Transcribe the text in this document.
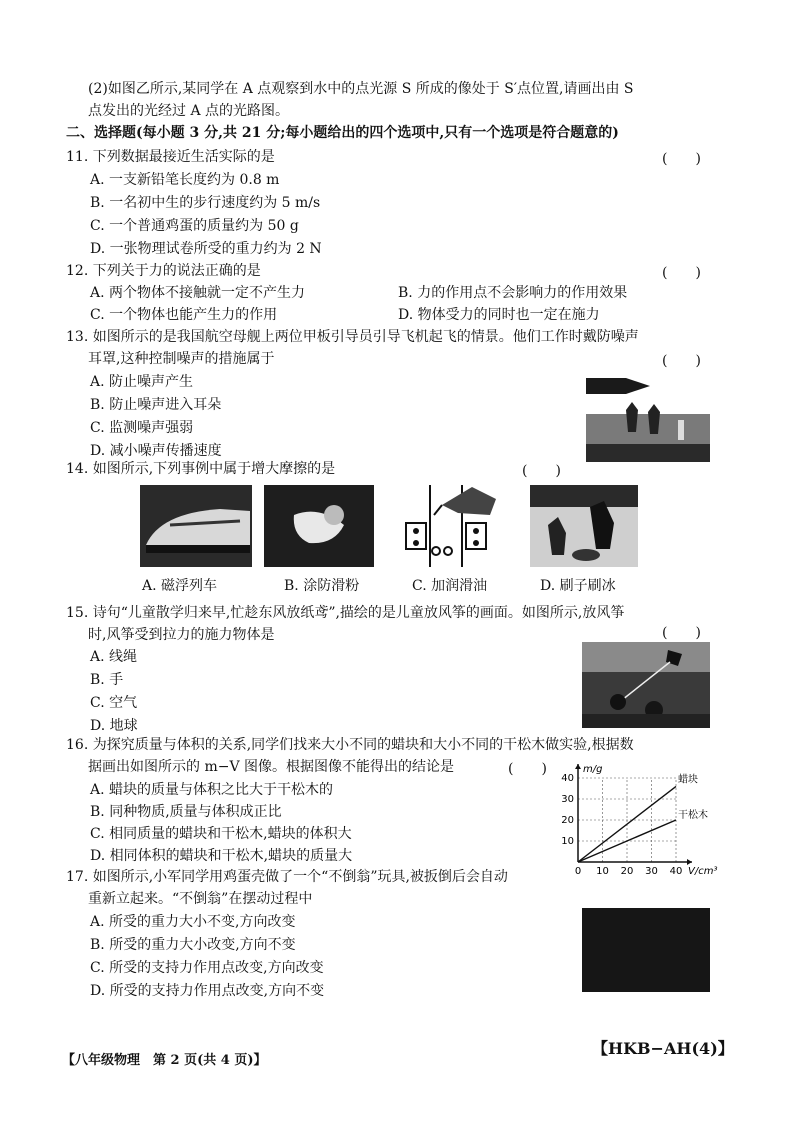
(2)如图乙所示,某同学在 A 点观察到水中的点光源 S 所成的像处于 S′点位置,请画出由 S
点发出的光经过 A 点的光路图。
二、选择题(每小题 3 分,共 21 分;每小题给出的四个选项中,只有一个选项是符合题意的)
11. 下列数据最接近生活实际的是	(　　)
A. 一支新铅笔长度约为 0.8 m
B. 一名初中生的步行速度约为 5 m/s
C. 一个普通鸡蛋的质量约为 50 g
D. 一张物理试卷所受的重力约为 2 N
12. 下列关于力的说法正确的是	(　　)
A. 两个物体不接触就一定不产生力	B. 力的作用点不会影响力的作用效果
C. 一个物体也能产生力的作用	D. 物体受力的同时也一定在施力
13. 如图所示的是我国航空母舰上两位甲板引导员引导飞机起飞的情景。他们工作时戴防噪声
耳罩,这种控制噪声的措施属于	(　　)
A. 防止噪声产生
B. 防止噪声进入耳朵
C. 监测噪声强弱
D. 减小噪声传播速度
14. 如图所示,下列事例中属于增大摩擦的是	(　　)
A. 磁浮列车	B. 涂防滑粉	C. 加润滑油	D. 刷子刷冰
15. 诗句“儿童散学归来早,忙趁东风放纸鸢”,描绘的是儿童放风筝的画面。如图所示,放风筝
时,风筝受到拉力的施力物体是	(　　)
A. 线绳
B. 手
C. 空气
D. 地球
16. 为探究质量与体积的关系,同学们找来大小不同的蜡块和大小不同的干松木做实验,根据数
据画出如图所示的 m−V 图像。根据图像不能得出的结论是	(　　)
A. 蜡块的质量与体积之比大于干松木的
B. 同种物质,质量与体积成正比
C. 相同质量的蜡块和干松木,蜡块的体积大
D. 相同体积的蜡块和干松木,蜡块的质量大
m/g
V/cm³
0 10 20 30 40
10
20
30
40	蜡块
干松木
17. 如图所示,小军同学用鸡蛋壳做了一个“不倒翁”玩具,被扳倒后会自动
重新立起来。“不倒翁”在摆动过程中
A. 所受的重力大小不变,方向改变
B. 所受的重力大小改变,方向不变
C. 所受的支持力作用点改变,方向改变
D. 所受的支持力作用点改变,方向不变
【八年级物理　第 2 页(共 4 页)】
【HKB−AH(4)】
